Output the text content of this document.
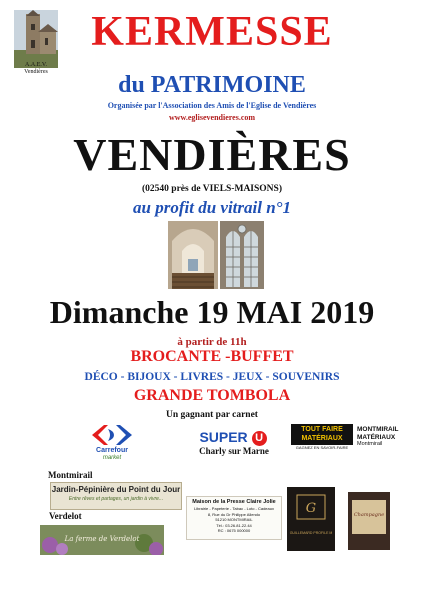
A.A.E.V.
Vendières
KERMESSE
du PATRIMOINE
Organisée par l'Association des Amis de l'Eglise de Vendières
www.eglisevendieres.com
VENDIÈRES
(02540 près de VIELS-MAISONS)
au profit du vitrail n°1
Dimanche 19 MAI 2019
à partir de 11h
BROCANTE -BUFFET
DÉCO - BIJOUX - LIVRES - JEUX - SOUVENIRS
GRANDE TOMBOLA
Un gagnant par carnet
Carrefour
market
SUPER U
Charly sur Marne
TOUT FAIRE
MATÉRIAUX
GAGNEZ EN SAVOIR-FAIRE
MONTMIRAIL
MATÉRIAUX
Montmirail
Montmirail
Jardin-Pépinière du Point du Jour
Entre rêves et partages, un jardin à vivre...
Verdelot
La ferme de Verdelot
Maison de la Presse Claire Jolie
Librairie - Papeterie - Tabac - Loto - Cadeaux
8, Rue du Dr Philippe Allendo
51210 MONTMIRAIL
Tél.: 03.26.81.22.44
RC : 0675 000000
G
GUILLEMARD PROFILE M
Champagne
